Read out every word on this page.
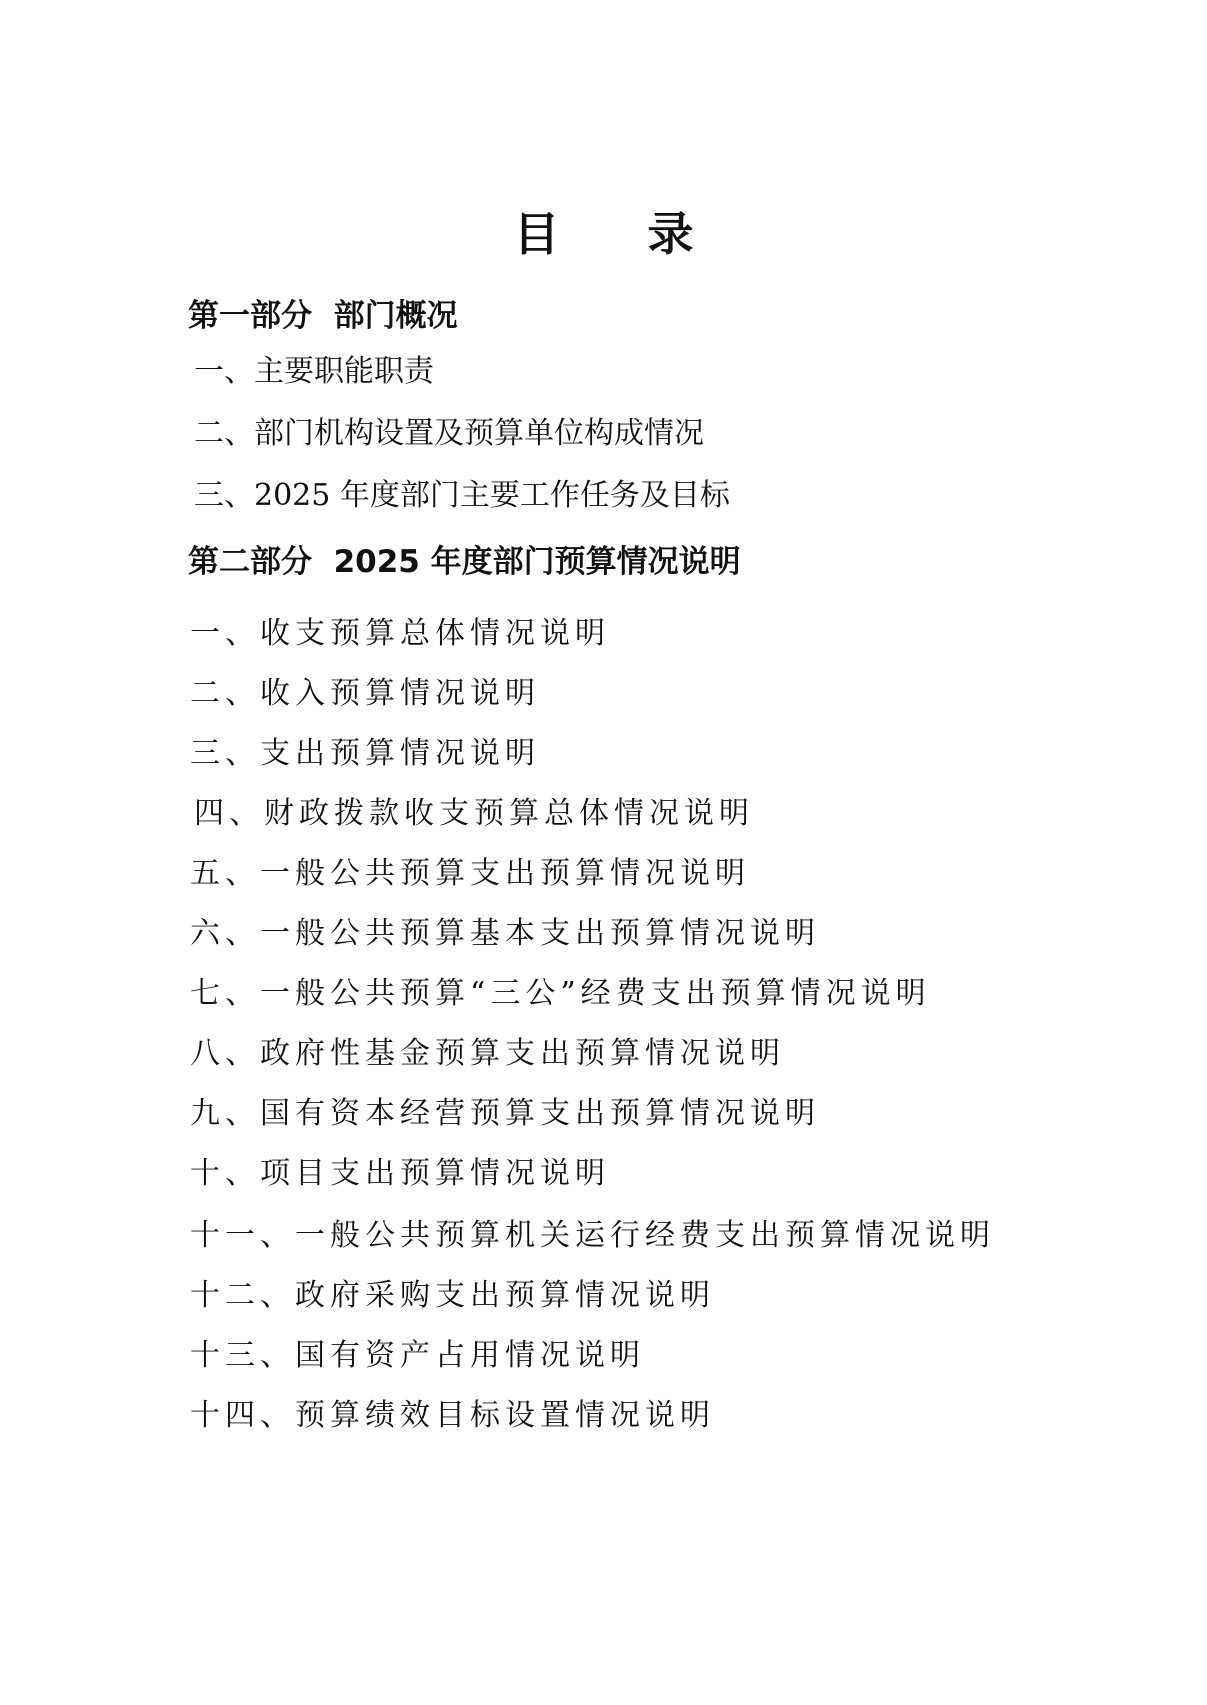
目录
第一部分  部门概况
一、主要职能职责
二、部门机构设置及预算单位构成情况
三、2025 年度部门主要工作任务及目标
第二部分  2025 年度部门预算情况说明
一、收支预算总体情况说明
二、收入预算情况说明
三、支出预算情况说明
四、财政拨款收支预算总体情况说明
五、一般公共预算支出预算情况说明
六、一般公共预算基本支出预算情况说明
七、一般公共预算“三公”经费支出预算情况说明
八、政府性基金预算支出预算情况说明
九、国有资本经营预算支出预算情况说明
十、项目支出预算情况说明
十一、一般公共预算机关运行经费支出预算情况说明
十二、政府采购支出预算情况说明
十三、国有资产占用情况说明
十四、预算绩效目标设置情况说明
